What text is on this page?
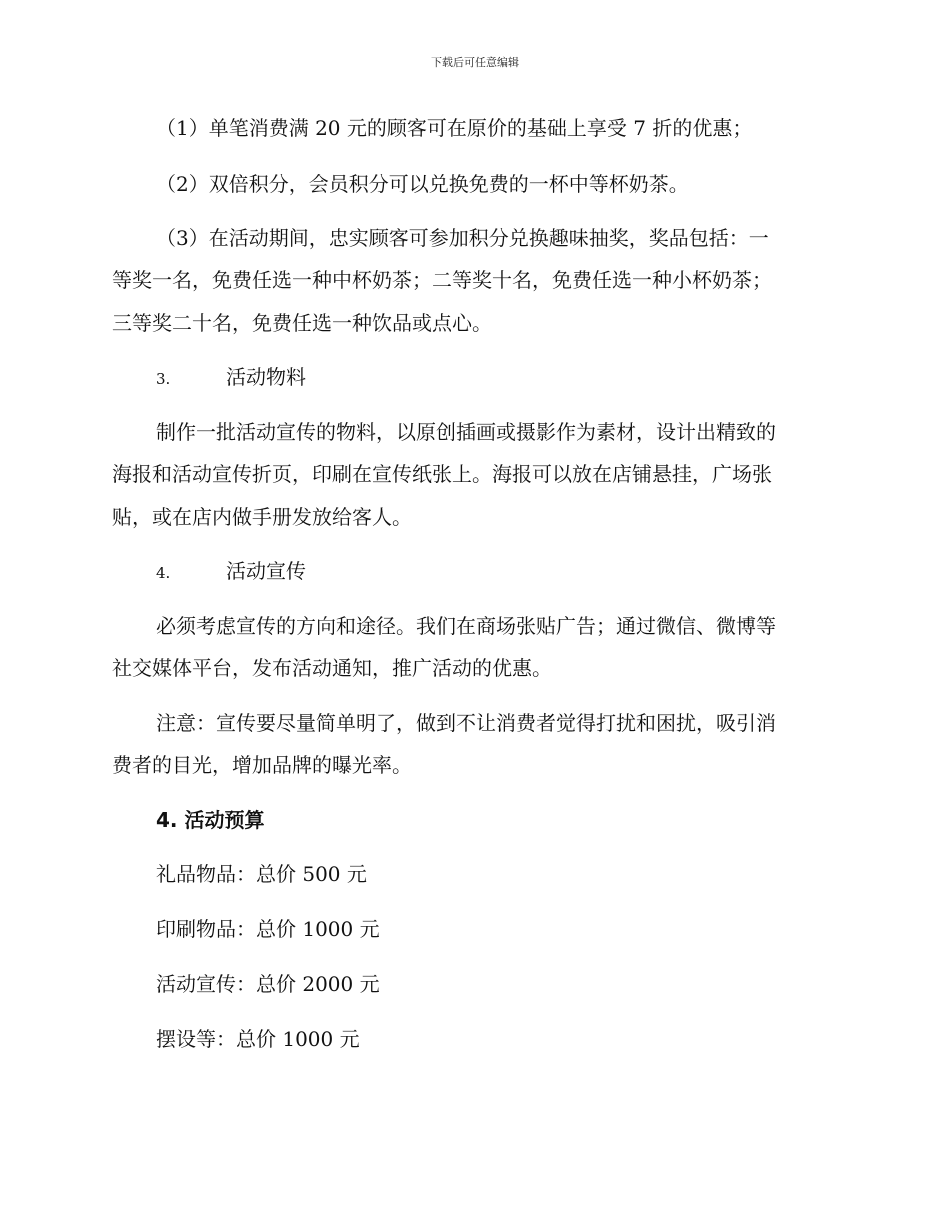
下载后可任意编辑
（1）单笔消费满 20 元的顾客可在原价的基础上享受 7 折的优惠；
（2）双倍积分，会员积分可以兑换免费的一杯中等杯奶茶。
（3）在活动期间，忠实顾客可参加积分兑换趣味抽奖，奖品包括：一
等奖一名，免费任选一种中杯奶茶；二等奖十名，免费任选一种小杯奶茶；
三等奖二十名，免费任选一种饮品或点心。
3.	活动物料
制作一批活动宣传的物料，以原创插画或摄影作为素材，设计出精致的
海报和活动宣传折页，印刷在宣传纸张上。海报可以放在店铺悬挂，广场张
贴，或在店内做手册发放给客人。
4.	活动宣传
必须考虑宣传的方向和途径。我们在商场张贴广告；通过微信、微博等
社交媒体平台，发布活动通知，推广活动的优惠。
注意：宣传要尽量简单明了，做到不让消费者觉得打扰和困扰，吸引消
费者的目光，增加品牌的曝光率。
4. 活动预算
礼品物品：总价 500 元
印刷物品：总价 1000 元
活动宣传：总价 2000 元
摆设等：总价 1000 元
